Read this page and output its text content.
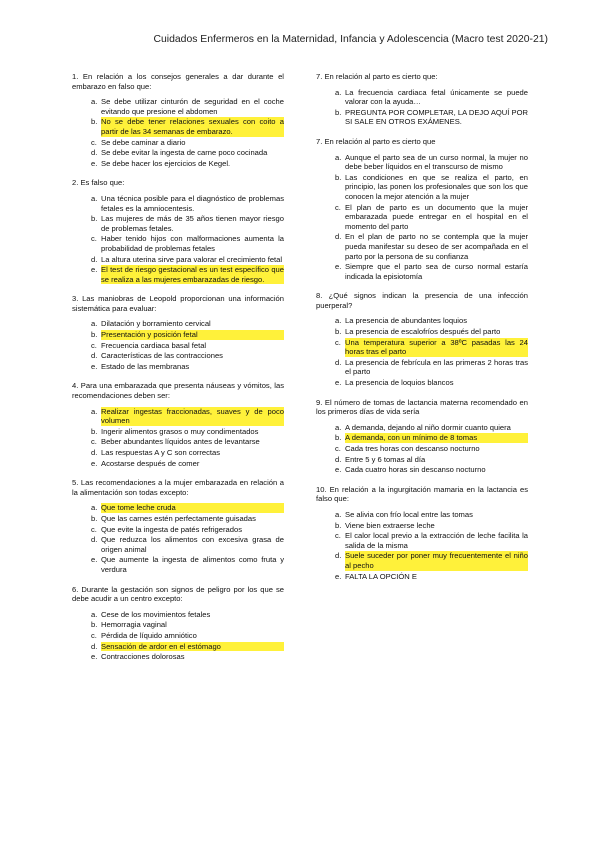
Cuidados Enfermeros en la Maternidad, Infancia y Adolescencia (Macro test 2020-21)

1. En relación a los consejos generales a dar durante el embarazo en falso que:

a. Se debe utilizar cinturón de seguridad en el coche evitando que presione el abdomen
b. No se debe tener relaciones sexuales con coito a partir de las 34 semanas de embarazo.
c. Se debe caminar a diario
d. Se debe evitar la ingesta de carne poco cocinada
e. Se debe hacer los ejercicios de Kegel.

2. Es falso que:

a. Una técnica posible para el diagnóstico de problemas fetales es la amniocentesis.
b. Las mujeres de más de 35 años tienen mayor riesgo de problemas fetales.
c. Haber tenido hijos con malformaciones aumenta la probabilidad de problemas fetales
d. La altura uterina sirve para valorar el crecimiento fetal
e. El test de riesgo gestacional es un test específico que se realiza a las mujeres embarazadas de riesgo.

3. Las maniobras de Leopold proporcionan una información sistemática para evaluar:

a. Dilatación y borramiento cervical
b. Presentación y posición fetal
c. Frecuencia cardiaca basal fetal
d. Características de las contracciones
e. Estado de las membranas

4. Para una embarazada que presenta náuseas y vómitos, las recomendaciones deben ser:

a. Realizar ingestas fraccionadas, suaves y de poco volumen
b. Ingerir alimentos grasos o muy condimentados
c. Beber abundantes líquidos antes de levantarse
d. Las respuestas A y C son correctas
e. Acostarse después de comer

5. Las recomendaciones a la mujer embarazada en relación a la alimentación son todas excepto:

a. Que tome leche cruda
b. Que las carnes estén perfectamente guisadas
c. Que evite la ingesta de patés refrigerados
d. Que reduzca los alimentos con excesiva grasa de origen animal
e. Que aumente la ingesta de alimentos como fruta y verdura

6. Durante la gestación son signos de peligro por los que se debe acudir a un centro excepto:

a. Cese de los movimientos fetales
b. Hemorragia vaginal
c. Pérdida de líquido amniótico
d. Sensación de ardor en el estómago
e. Contracciones dolorosas

7. En relación al parto es cierto que:

a. La frecuencia cardiaca fetal únicamente se puede valorar con la ayuda…
b. PREGUNTA POR COMPLETAR, LA DEJO AQUÍ POR SI SALE EN OTROS EXÁMENES.

7. En relación al parto es cierto que

a. Aunque el parto sea de un curso normal, la mujer no debe beber líquidos en el transcurso de mismo
b. Las condiciones en que se realiza el parto, en principio, las ponen los profesionales que son los que conocen la mejor atención a la mujer
c. El plan de parto es un documento que la mujer embarazada puede entregar en el hospital en el momento del parto
d. En el plan de parto no se contempla que la mujer pueda manifestar su deseo de ser acompañada en el parto por la persona de su confianza
e. Siempre que el parto sea de curso normal estaría indicada la episiotomía

8. ¿Qué signos indican la presencia de una infección puerperal?

a. La presencia de abundantes loquios
b. La presencia de escalofríos después del parto
c. Una temperatura superior a 38ºC pasadas las 24 horas tras el parto
d. La presencia de febrícula en las primeras 2 horas tras el parto
e. La presencia de loquios blancos

9. El número de tomas de lactancia materna recomendado en los primeros días de vida sería

a. A demanda, dejando al niño dormir cuanto quiera
b. A demanda, con un mínimo de 8 tomas
c. Cada tres horas con descanso nocturno
d. Entre 5 y 6 tomas al día
e. Cada cuatro horas sin descanso nocturno

10. En relación a la ingurgitación mamaria en la lactancia es falso que:

a. Se alivia con frío local entre las tomas
b. Viene bien extraerse leche
c. El calor local previo a la extracción de leche facilita la salida de la misma
d. Suele suceder por poner muy frecuentemente el niño al pecho
e. FALTA LA OPCIÓN E
